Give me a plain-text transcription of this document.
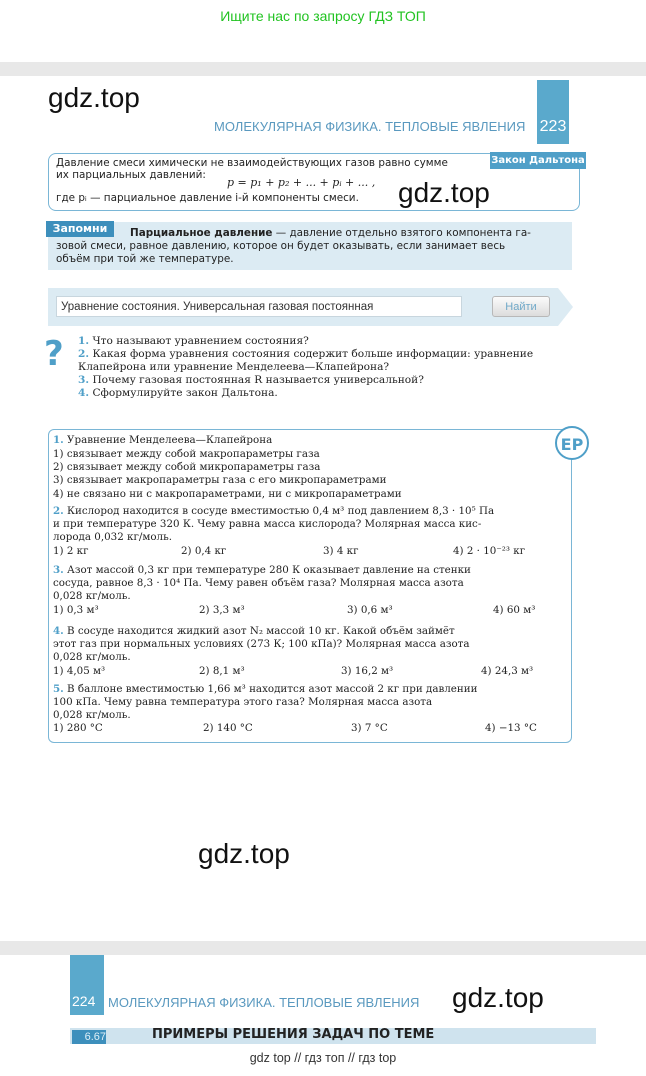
Ищите нас по запросу ГДЗ ТОП
gdz.top
МОЛЕКУЛЯРНАЯ ФИЗИКА. ТЕПЛОВЫЕ ЯВЛЕНИЯ 223
Закон Дальтона
Давление смеси химически не взаимодействующих газов равно сумме
их парциальных давлений:
p = p₁ + p₂ + ... + pᵢ + ... ,
где pᵢ — парциальное давление i-й компоненты смеси. gdz.top
Запомни	Парциальное давление — давление отдельно взятого компонента га-
зовой смеси, равное давлению, которое он будет оказывать, если занимает весь
объём при той же температуре.
Уравнение состояния. Универсальная газовая постоянная	Найти
? 1. Что называют уравнением состояния?
2. Какая форма уравнения состояния содержит больше информации: уравнение
Клапейрона или уравнение Менделеева—Клапейрона?
3. Почему газовая постоянная R называется универсальной?
4. Сформулируйте закон Дальтона.
ЕР
1. Уравнение Менделеева—Клапейрона
1) связывает между собой макропараметры газа
2) связывает между собой микропараметры газа
3) связывает макропараметры газа с его микропараметрами
4) не связано ни с макропараметрами, ни с микропараметрами
2. Кислород находится в сосуде вместимостью 0,4 м³ под давлением 8,3 · 10⁵ Па
и при температуре 320 К. Чему равна масса кислорода? Молярная масса кис-
лорода 0,032 кг/моль.
1) 2 кг	2) 0,4 кг	3) 4 кг	4) 2 · 10⁻²³ кг
3. Азот массой 0,3 кг при температуре 280 К оказывает давление на стенки
сосуда, равное 8,3 · 10⁴ Па. Чему равен объём газа? Молярная масса азота
0,028 кг/моль.
1) 0,3 м³	2) 3,3 м³	3) 0,6 м³	4) 60 м³
4. В сосуде находится жидкий азот N₂ массой 10 кг. Какой объём займёт
этот газ при нормальных условиях (273 К; 100 кПа)? Молярная масса азота
0,028 кг/моль.
1) 4,05 м³	2) 8,1 м³	3) 16,2 м³	4) 24,3 м³
5. В баллоне вместимостью 1,66 м³ находится азот массой 2 кг при давлении
100 кПа. Чему равна температура этого газа? Молярная масса азота
0,028 кг/моль.
1) 280 °С	2) 140 °С	3) 7 °С	4) −13 °С
gdz.top
224 МОЛЕКУЛЯРНАЯ ФИЗИКА. ТЕПЛОВЫЕ ЯВЛЕНИЯ gdz.top
6.67	ПРИМЕРЫ РЕШЕНИЯ ЗАДАЧ ПО ТЕМЕ
gdz top // гдз топ // гдз top
